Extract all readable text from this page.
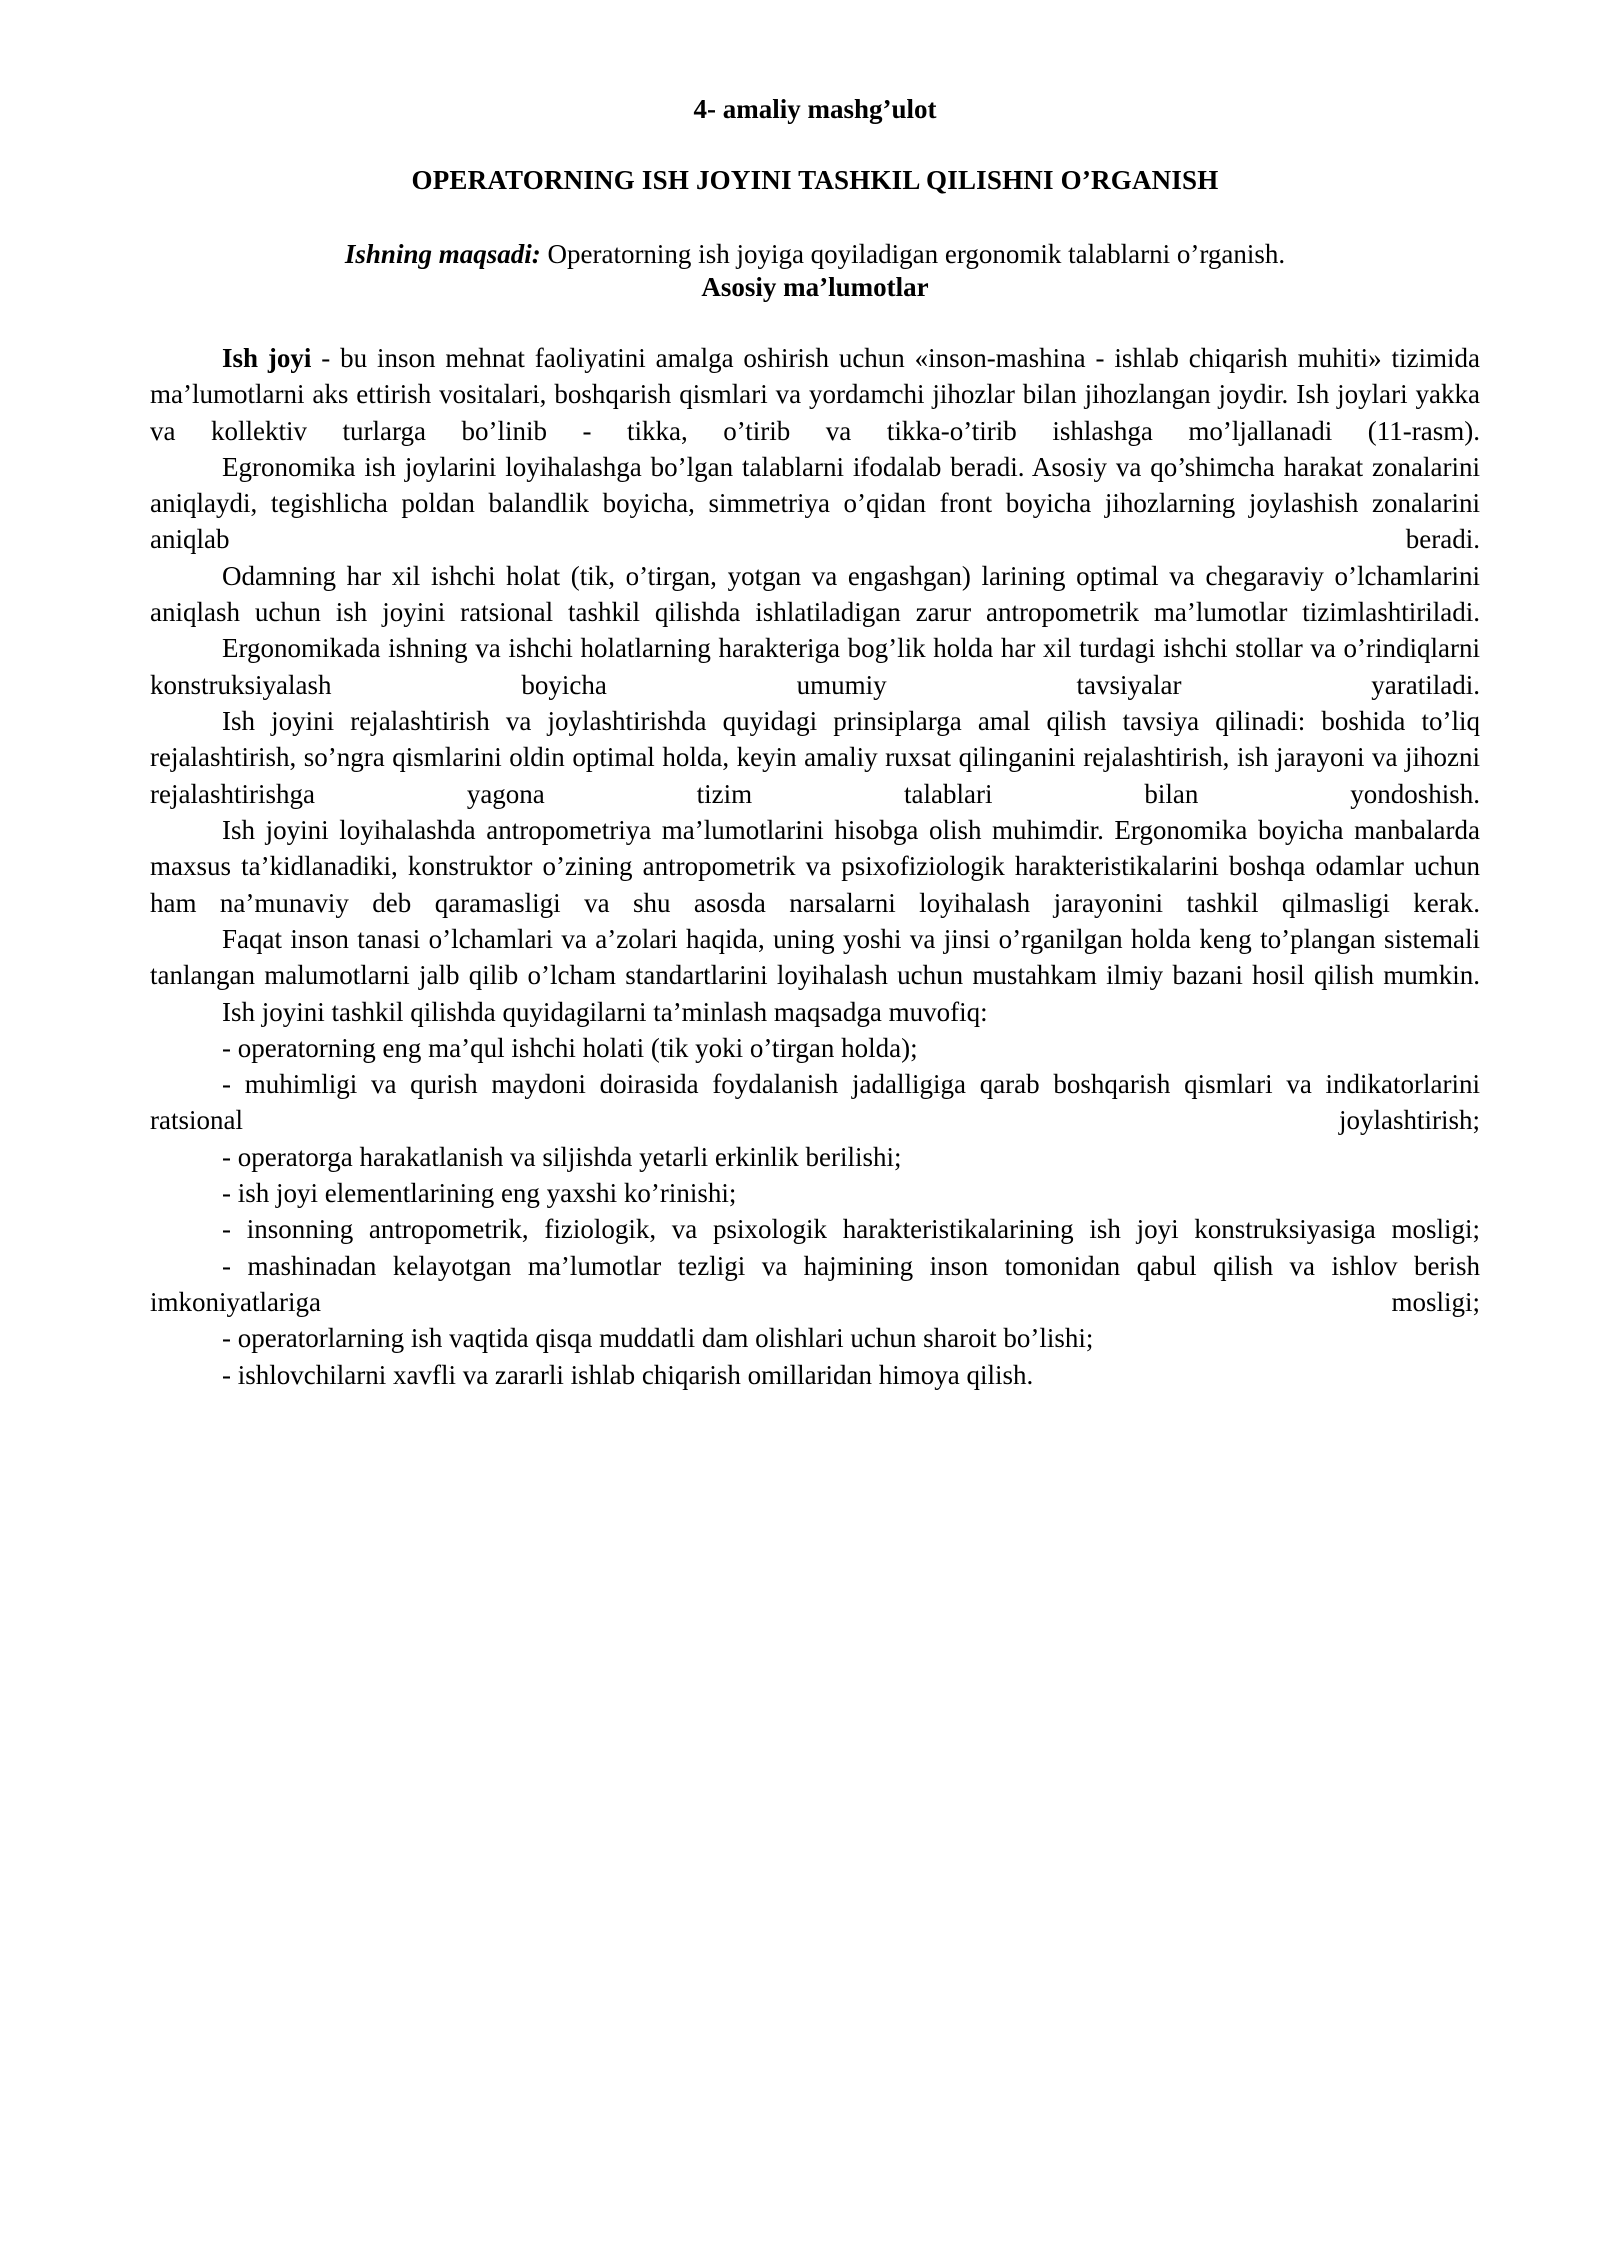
4- amaliy mashg’ulot
OPERATORNING ISH JOYINI TASHKIL QILISHNI O’RGANISH
Ishning maqsadi: Operatorning ish joyiga qoyiladigan ergonomik talablarni o’rganish.
Asosiy ma’lumotlar

Ish joyi - bu inson mehnat faoliyatini amalga oshirish uchun «inson-mashina - ishlab chiqarish muhiti» tizimida ma’lumotlarni aks ettirish vositalari, boshqarish qismlari va yordamchi jihozlar bilan jihozlangan joydir. Ish joylari yakka va kollektiv turlarga bo’linib - tikka, o’tirib va tikka-o’tirib ishlashga mo’ljallanadi (11-rasm).

Egronomika ish joylarini loyihalashga bo’lgan talablarni ifodalab beradi. Asosiy va qo’shimcha harakat zonalarini aniqlaydi, tegishlicha poldan balandlik boyicha, simmetriya o’qidan front boyicha jihozlarning joylashish zonalarini aniqlab beradi.

Odamning har xil ishchi holat (tik, o’tirgan, yotgan va engashgan) larining optimal va chegaraviy o’lchamlarini aniqlash uchun ish joyini ratsional tashkil qilishda ishlatiladigan zarur antropometrik ma’lumotlar tizimlashtiriladi.

Ergonomikada ishning va ishchi holatlarning harakteriga bog’lik holda har xil turdagi ishchi stollar va o’rindiqlarni konstruksiyalash boyicha umumiy tavsiyalar yaratiladi.

Ish joyini rejalashtirish va joylashtirishda quyidagi prinsiplarga amal qilish tavsiya qilinadi: boshida to’liq rejalashtirish, so’ngra qismlarini oldin optimal holda, keyin amaliy ruxsat qilinganini rejalashtirish, ish jarayoni va jihozni rejalashtirishga yagona tizim talablari bilan yondoshish.

Ish joyini loyihalashda antropometriya ma’lumotlarini hisobga olish muhimdir. Ergonomika boyicha manbalarda maxsus ta’kidlanadiki, konstruktor o’zining antropometrik va psixofiziologik harakteristikalarini boshqa odamlar uchun ham na’munaviy deb qaramasligi va shu asosda narsalarni loyihalash jarayonini tashkil qilmasligi kerak.

Faqat inson tanasi o’lchamlari va a’zolari haqida, uning yoshi va jinsi o’rganilgan holda keng to’plangan sistemali tanlangan malumotlarni jalb qilib o’lcham standartlarini loyihalash uchun mustahkam ilmiy bazani hosil qilish mumkin.

Ish joyini tashkil qilishda quyidagilarni ta’minlash maqsadga muvofiq:

- operatorning eng ma’qul ishchi holati (tik yoki o’tirgan holda);

- muhimligi va qurish maydoni doirasida foydalanish jadalligiga qarab boshqarish qismlari va indikatorlarini ratsional joylashtirish;

- operatorga harakatlanish va siljishda yetarli erkinlik berilishi;

- ish joyi elementlarining eng yaxshi ko’rinishi;

- insonning antropometrik, fiziologik, va psixologik harakteristikalarining ish joyi konstruksiyasiga mosligi;

- mashinadan kelayotgan ma’lumotlar tezligi va hajmining inson tomonidan qabul qilish va ishlov berish imkoniyatlariga mosligi;

- operatorlarning ish vaqtida qisqa muddatli dam olishlari uchun sharoit bo’lishi;

- ishlovchilarni xavfli va zararli ishlab chiqarish omillaridan himoya qilish.
